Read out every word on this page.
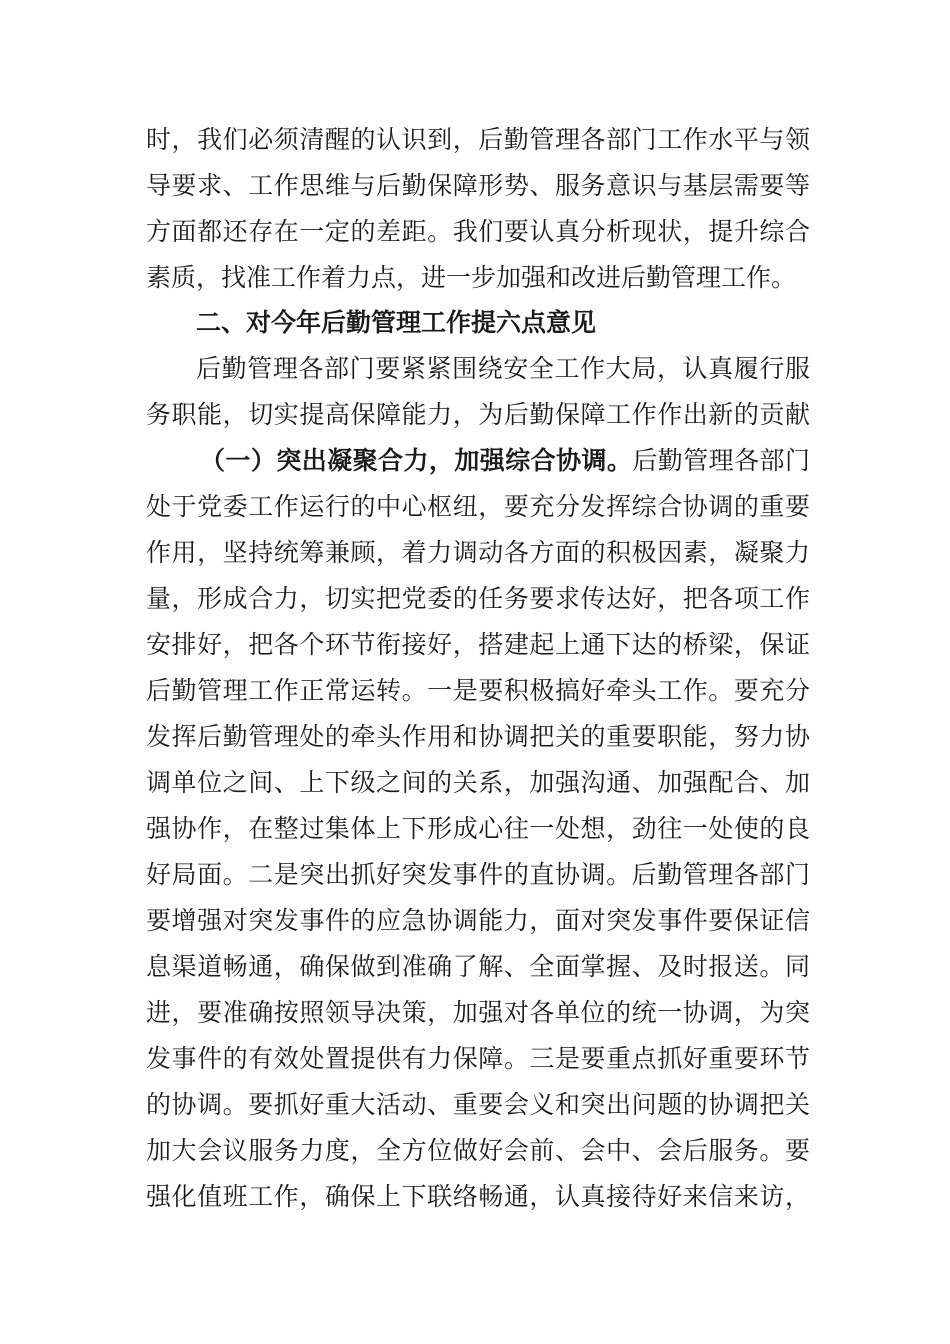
时，我们必须清醒的认识到，后勤管理各部门工作水平与领
导要求、工作思维与后勤保障形势、服务意识与基层需要等
方面都还存在一定的差距。我们要认真分析现状，提升综合
素质，找准工作着力点，进一步加强和改进后勤管理工作。
二、对今年后勤管理工作提六点意见
后勤管理各部门要紧紧围绕安全工作大局，认真履行服
务职能，切实提高保障能力，为后勤保障工作作出新的贡献
（一）突出凝聚合力，加强综合协调。后勤管理各部门
处于党委工作运行的中心枢纽，要充分发挥综合协调的重要
作用，坚持统筹兼顾，着力调动各方面的积极因素，凝聚力
量，形成合力，切实把党委的任务要求传达好，把各项工作
安排好，把各个环节衔接好，搭建起上通下达的桥梁，保证
后勤管理工作正常运转。一是要积极搞好牵头工作。要充分
发挥后勤管理处的牵头作用和协调把关的重要职能，努力协
调单位之间、上下级之间的关系，加强沟通、加强配合、加
强协作，在整过集体上下形成心往一处想，劲往一处使的良
好局面。二是突出抓好突发事件的直协调。后勤管理各部门
要增强对突发事件的应急协调能力，面对突发事件要保证信
息渠道畅通，确保做到准确了解、全面掌握、及时报送。同
进，要准确按照领导决策，加强对各单位的统一协调，为突
发事件的有效处置提供有力保障。三是要重点抓好重要环节
的协调。要抓好重大活动、重要会义和突出问题的协调把关
加大会议服务力度，全方位做好会前、会中、会后服务。要
强化值班工作，确保上下联络畅通，认真接待好来信来访，
